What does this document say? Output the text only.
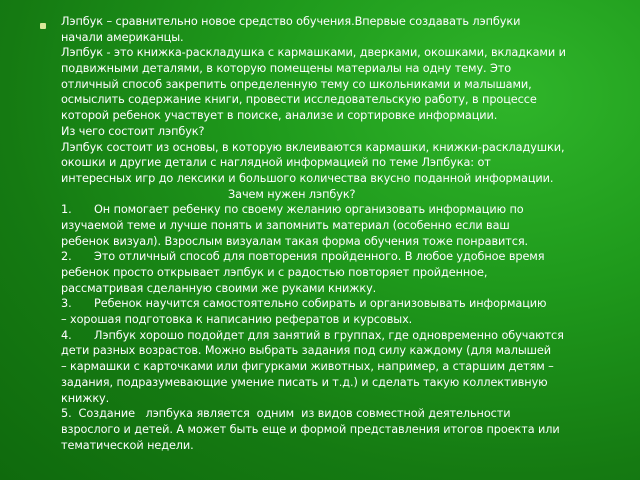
Лэпбук – сравнительно новое средство обучения.Впервые создавать лэпбуки
начали американцы.
Лэпбук - это книжка-раскладушка с кармашками, дверками, окошками, вкладками и
подвижными деталями, в которую помещены материалы на одну тему. Это
отличный способ закрепить определенную тему со школьниками и малышами,
осмыслить содержание книги, провести исследовательскую работу, в процессе
которой ребенок участвует в поиске, анализе и сортировке информации.
Из чего состоит лэпбук?
Лэпбук состоит из основы, в которую вклеиваются кармашки, книжки-раскладушки,
окошки и другие детали с наглядной информацией по теме Лэпбука: от
интересных игр до лексики и большого количества вкусно поданной информации.
Зачем нужен лэпбук?
1. Он помогает ребенку по своему желанию организовать информацию по
изучаемой теме и лучше понять и запомнить материал (особенно если ваш
ребенок визуал). Взрослым визуалам такая форма обучения тоже понравится.
2. Это отличный способ для повторения пройденного. В любое удобное время
ребенок просто открывает лэпбук и с радостью повторяет пройденное,
рассматривая сделанную своими же руками книжку.
3. Ребенок научится самостоятельно собирать и организовывать информацию
– хорошая подготовка к написанию рефератов и курсовых.
4. Лэпбук хорошо подойдет для занятий в группах, где одновременно обучаются
дети разных возрастов. Можно выбрать задания под силу каждому (для малышей
– кармашки с карточками или фигурками животных, например, а старшим детям –
задания, подразумевающие умение писать и т.д.) и сделать такую коллективную
книжку.
5.  Создание   лэпбука является  одним  из видов совместной деятельности
взрослого и детей. А может быть еще и формой представления итогов проекта или
тематической недели.
